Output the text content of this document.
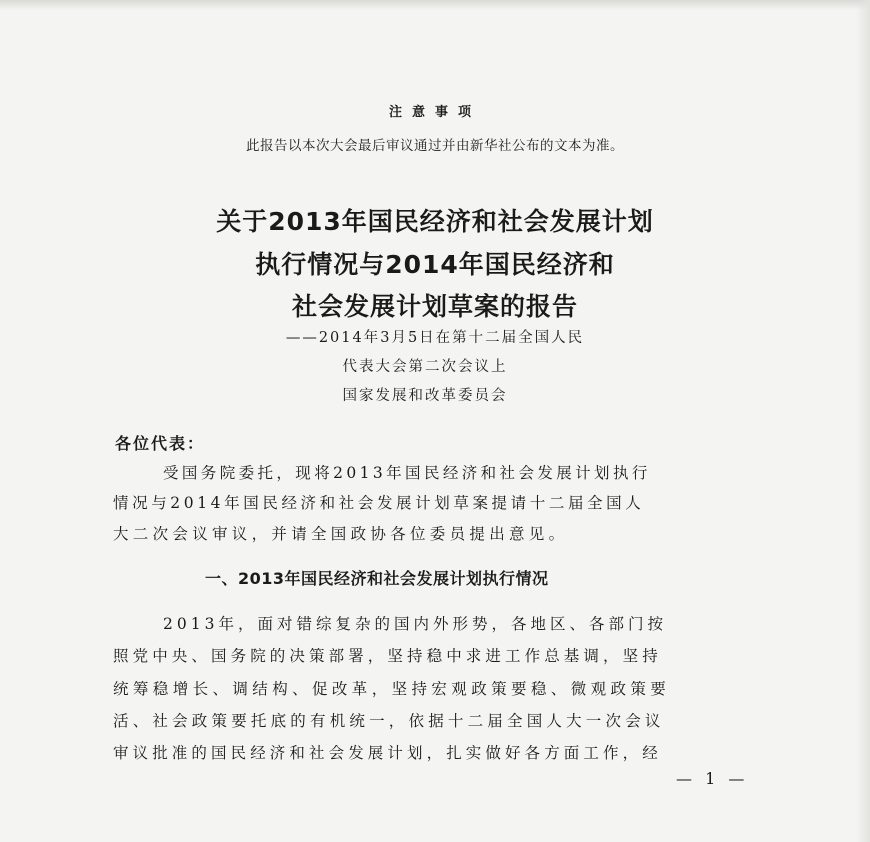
注意事项
此报告以本次大会最后审议通过并由新华社公布的文本为准。
关于2013年国民经济和社会发展计划
执行情况与2014年国民经济和
社会发展计划草案的报告
——2014年3月5日在第十二届全国人民
代表大会第二次会议上
国家发展和改革委员会
各位代表：
受国务院委托，现将2013年国民经济和社会发展计划执行
情况与2014年国民经济和社会发展计划草案提请十二届全国人
大二次会议审议，并请全国政协各位委员提出意见。
一、2013年国民经济和社会发展计划执行情况
2013年，面对错综复杂的国内外形势，各地区、各部门按
照党中央、国务院的决策部署，坚持稳中求进工作总基调，坚持
统筹稳增长、调结构、促改革，坚持宏观政策要稳、微观政策要
活、社会政策要托底的有机统一，依据十二届全国人大一次会议
审议批准的国民经济和社会发展计划，扎实做好各方面工作，经
— 1 —
